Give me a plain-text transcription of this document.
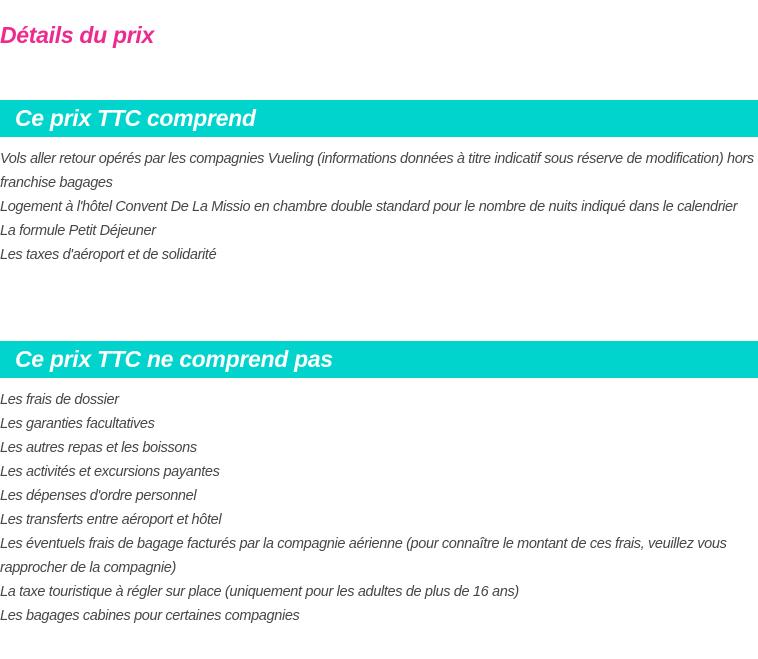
Détails du prix
Ce prix TTC comprend
Vols aller retour opérés par les compagnies Vueling (informations données à titre indicatif sous réserve de modification) hors franchise bagages
Logement à l'hôtel Convent De La Missio en chambre double standard pour le nombre de nuits indiqué dans le calendrier
La formule Petit Déjeuner
Les taxes d'aéroport et de solidarité
Ce prix TTC ne comprend pas
Les frais de dossier
Les garanties facultatives
Les autres repas et les boissons
Les activités et excursions payantes
Les dépenses d'ordre personnel
Les transferts entre aéroport et hôtel
Les éventuels frais de bagage facturés par la compagnie aérienne (pour connaître le montant de ces frais, veuillez vous rapprocher de la compagnie)
La taxe touristique à régler sur place (uniquement pour les adultes de plus de 16 ans)
Les bagages cabines pour certaines compagnies
